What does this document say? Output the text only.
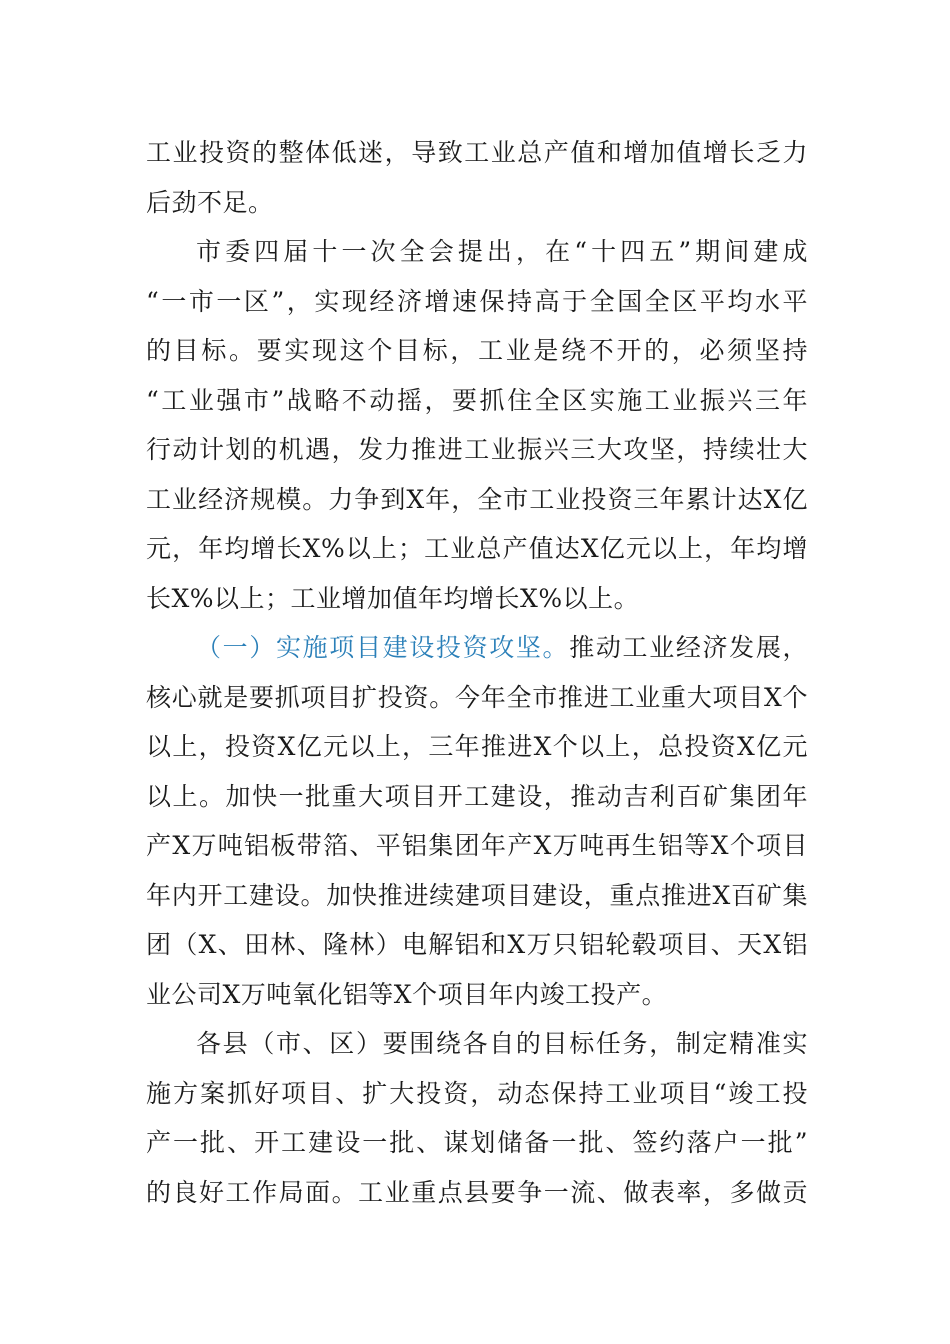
工业投资的整体低迷，导致工业总产值和增加值增长乏力
后劲不足。
市委四届十一次全会提出，在“十四五”期间建成
“一市一区”，实现经济增速保持高于全国全区平均水平
的目标。要实现这个目标，工业是绕不开的，必须坚持
“工业强市”战略不动摇，要抓住全区实施工业振兴三年
行动计划的机遇，发力推进工业振兴三大攻坚，持续壮大
工业经济规模。力争到X年，全市工业投资三年累计达X亿
元，年均增长X%以上；工业总产值达X亿元以上，年均增
长X%以上；工业增加值年均增长X%以上。
（一）实施项目建设投资攻坚。推动工业经济发展，
核心就是要抓项目扩投资。今年全市推进工业重大项目X个
以上，投资X亿元以上，三年推进X个以上，总投资X亿元
以上。加快一批重大项目开工建设，推动吉利百矿集团年
产X万吨铝板带箔、平铝集团年产X万吨再生铝等X个项目
年内开工建设。加快推进续建项目建设，重点推进X百矿集
团（X、田林、隆林）电解铝和X万只铝轮毂项目、天X铝
业公司X万吨氧化铝等X个项目年内竣工投产。
各县（市、区）要围绕各自的目标任务，制定精准实
施方案抓好项目、扩大投资，动态保持工业项目“竣工投
产一批、开工建设一批、谋划储备一批、签约落户一批”
的良好工作局面。工业重点县要争一流、做表率，多做贡
